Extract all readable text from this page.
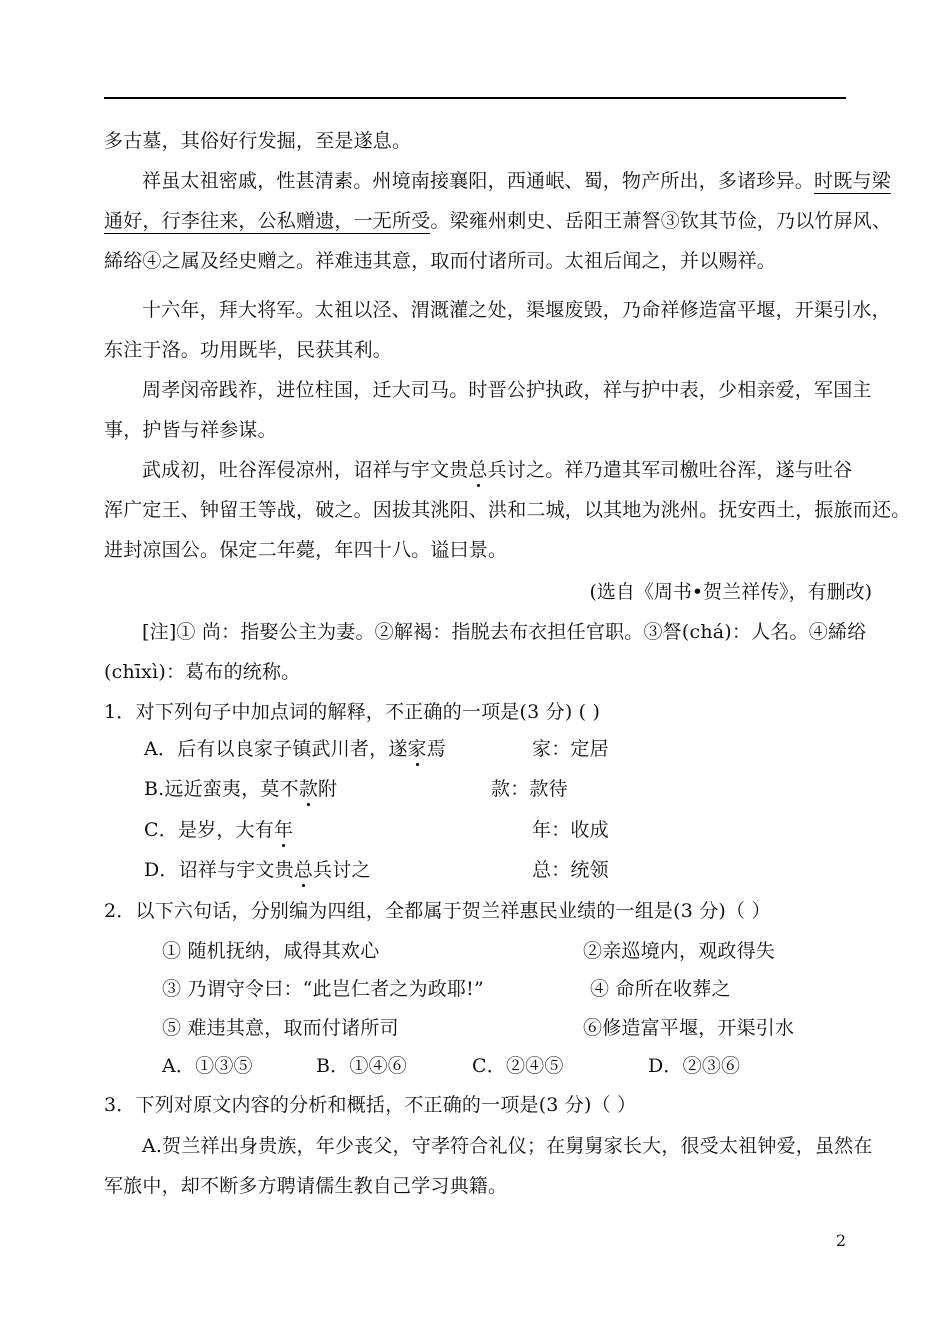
多古墓，其俗好行发掘，至是遂息。
祥虽太祖密戚，性甚清素。州境南接襄阳，西通岷、蜀，物产所出，多诸珍异。时既与梁
通好，行李往来，公私赠遗，一无所受。梁雍州刺史、岳阳王萧詧③钦其节俭，乃以竹屏风、
絺绤④之属及经史赠之。祥难违其意，取而付诸所司。太祖后闻之，并以赐祥。
十六年，拜大将军。太祖以泾、渭溉灌之处，渠堰废毁，乃命祥修造富平堰，开渠引水，
东注于洛。功用既毕，民获其利。
周孝闵帝践祚，进位柱国，迁大司马。时晋公护执政，祥与护中表，少相亲爱，军国主
事，护皆与祥参谋。
武成初，吐谷浑侵凉州，诏祥与宇文贵总兵讨之。祥乃遣其军司檄吐谷浑，遂与吐谷
浑广定王、钟留王等战，破之。因拔其洮阳、洪和二城，以其地为洮州。抚安西土，振旅而还。
进封凉国公。保定二年薨，年四十八。谥曰景。
(选自《周书•贺兰祥传》，有删改)
[注]① 尚：指娶公主为妻。②解褐：指脱去布衣担任官职。③詧(chá)：人名。④絺绤
(chīxì)：葛布的统称。
1．对下列句子中加点词的解释，不正确的一项是(3 分) ( )
A．后有以良家子镇武川者，遂家焉	家：定居
B.远近蛮夷，莫不款附	款：款待
C．是岁，大有年	年：收成
D．诏祥与宇文贵总兵讨之	总：统领
2．以下六句话，分别编为四组，全都属于贺兰祥惠民业绩的一组是(3 分)（ ）
① 随机抚纳，咸得其欢心	②亲巡境内，观政得失
③ 乃谓守令曰：“此岂仁者之为政耶!”	④ 命所在收葬之
⑤ 难违其意，取而付诸所司	⑥修造富平堰，开渠引水
A．①③⑤	B．①④⑥	C．②④⑤	D．②③⑥
3．下列对原文内容的分析和概括，不正确的一项是(3 分)（ ）
A.贺兰祥出身贵族，年少丧父，守孝符合礼仪；在舅舅家长大，很受太祖钟爱，虽然在
军旅中，却不断多方聘请儒生教自己学习典籍。
2
